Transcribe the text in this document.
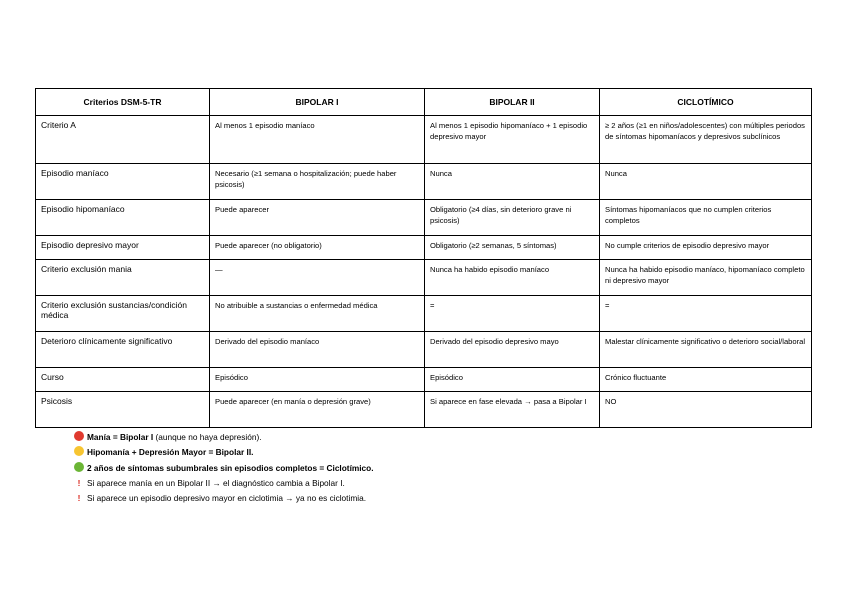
Criterios DSM-5-TR	BIPOLAR I	BIPOLAR II	CICLOTÍMICO
Criterio A	Al menos 1 episodio maníaco	Al menos 1 episodio hipomaníaco + 1 episodio depresivo mayor	≥ 2 años (≥1 en niños/adolescentes) con múltiples periodos de síntomas hipomaníacos y depresivos subclínicos
Episodio maníaco	Necesario (≥1 semana o hospitalización; puede haber psicosis)	Nunca	Nunca
Episodio hipomaníaco	Puede aparecer	Obligatorio (≥4 días, sin deterioro grave ni psicosis)	Síntomas hipomaníacos que no cumplen criterios completos
Episodio depresivo mayor	Puede aparecer (no obligatorio)	Obligatorio (≥2 semanas, 5 síntomas)	No cumple criterios de episodio depresivo mayor
Criterio exclusión mania	—	Nunca ha habido episodio maníaco	Nunca ha habido episodio maníaco, hipomaníaco completo ni depresivo mayor
Criterio exclusión sustancias/condición médica	No atribuible a sustancias o enfermedad médica	=	=
Deterioro clínicamente significativo	Derivado del episodio maníaco	Derivado del episodio depresivo mayo	Malestar clínicamente significativo o deterioro social/laboral
Curso	Episódico	Episódico	Crónico fluctuante
Psicosis	Puede aparecer (en manía o depresión grave)	Si aparece en fase elevada → pasa a Bipolar I	NO
Manía = Bipolar I (aunque no haya depresión).
Hipomanía + Depresión Mayor = Bipolar II.
2 años de síntomas subumbrales sin episodios completos = Ciclotímico.
! Si aparece manía en un Bipolar II → el diagnóstico cambia a Bipolar I.
! Si aparece un episodio depresivo mayor en ciclotimia → ya no es ciclotimia.
